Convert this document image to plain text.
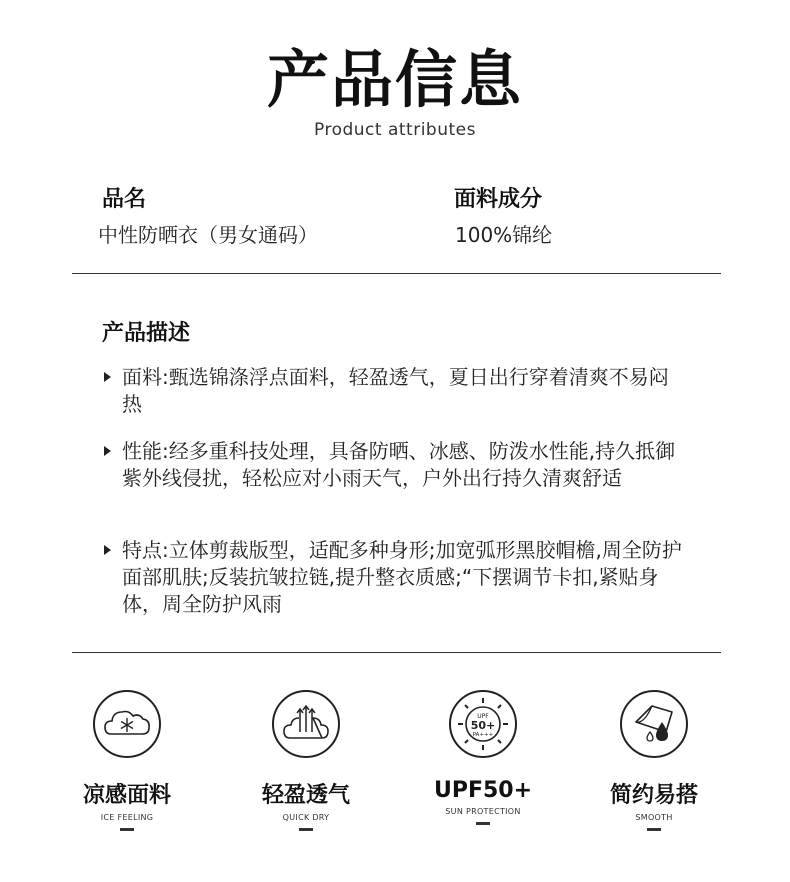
产品信息
Product attributes
品名
中性防晒衣（男女通码）
面料成分
100%锦纶
产品描述
面料:甄选锦涤浮点面料，轻盈透气，夏日出行穿着清爽不易闷热
性能:经多重科技处理，具备防晒、冰感、防泼水性能,持久抵御紫外线侵扰，轻松应对小雨天气，户外出行持久清爽舒适
特点:立体剪裁版型，适配多种身形;加宽弧形黑胶帽檐,周全防护面部肌肤;反装抗皱拉链,提升整衣质感;“下摆调节卡扣,紧贴身体，周全防护风雨
凉感面料
ICE FEELING
轻盈透气
QUICK DRY
UPF
50+
PA+++
UPF50+
SUN PROTECTION
简约易搭
SMOOTH
